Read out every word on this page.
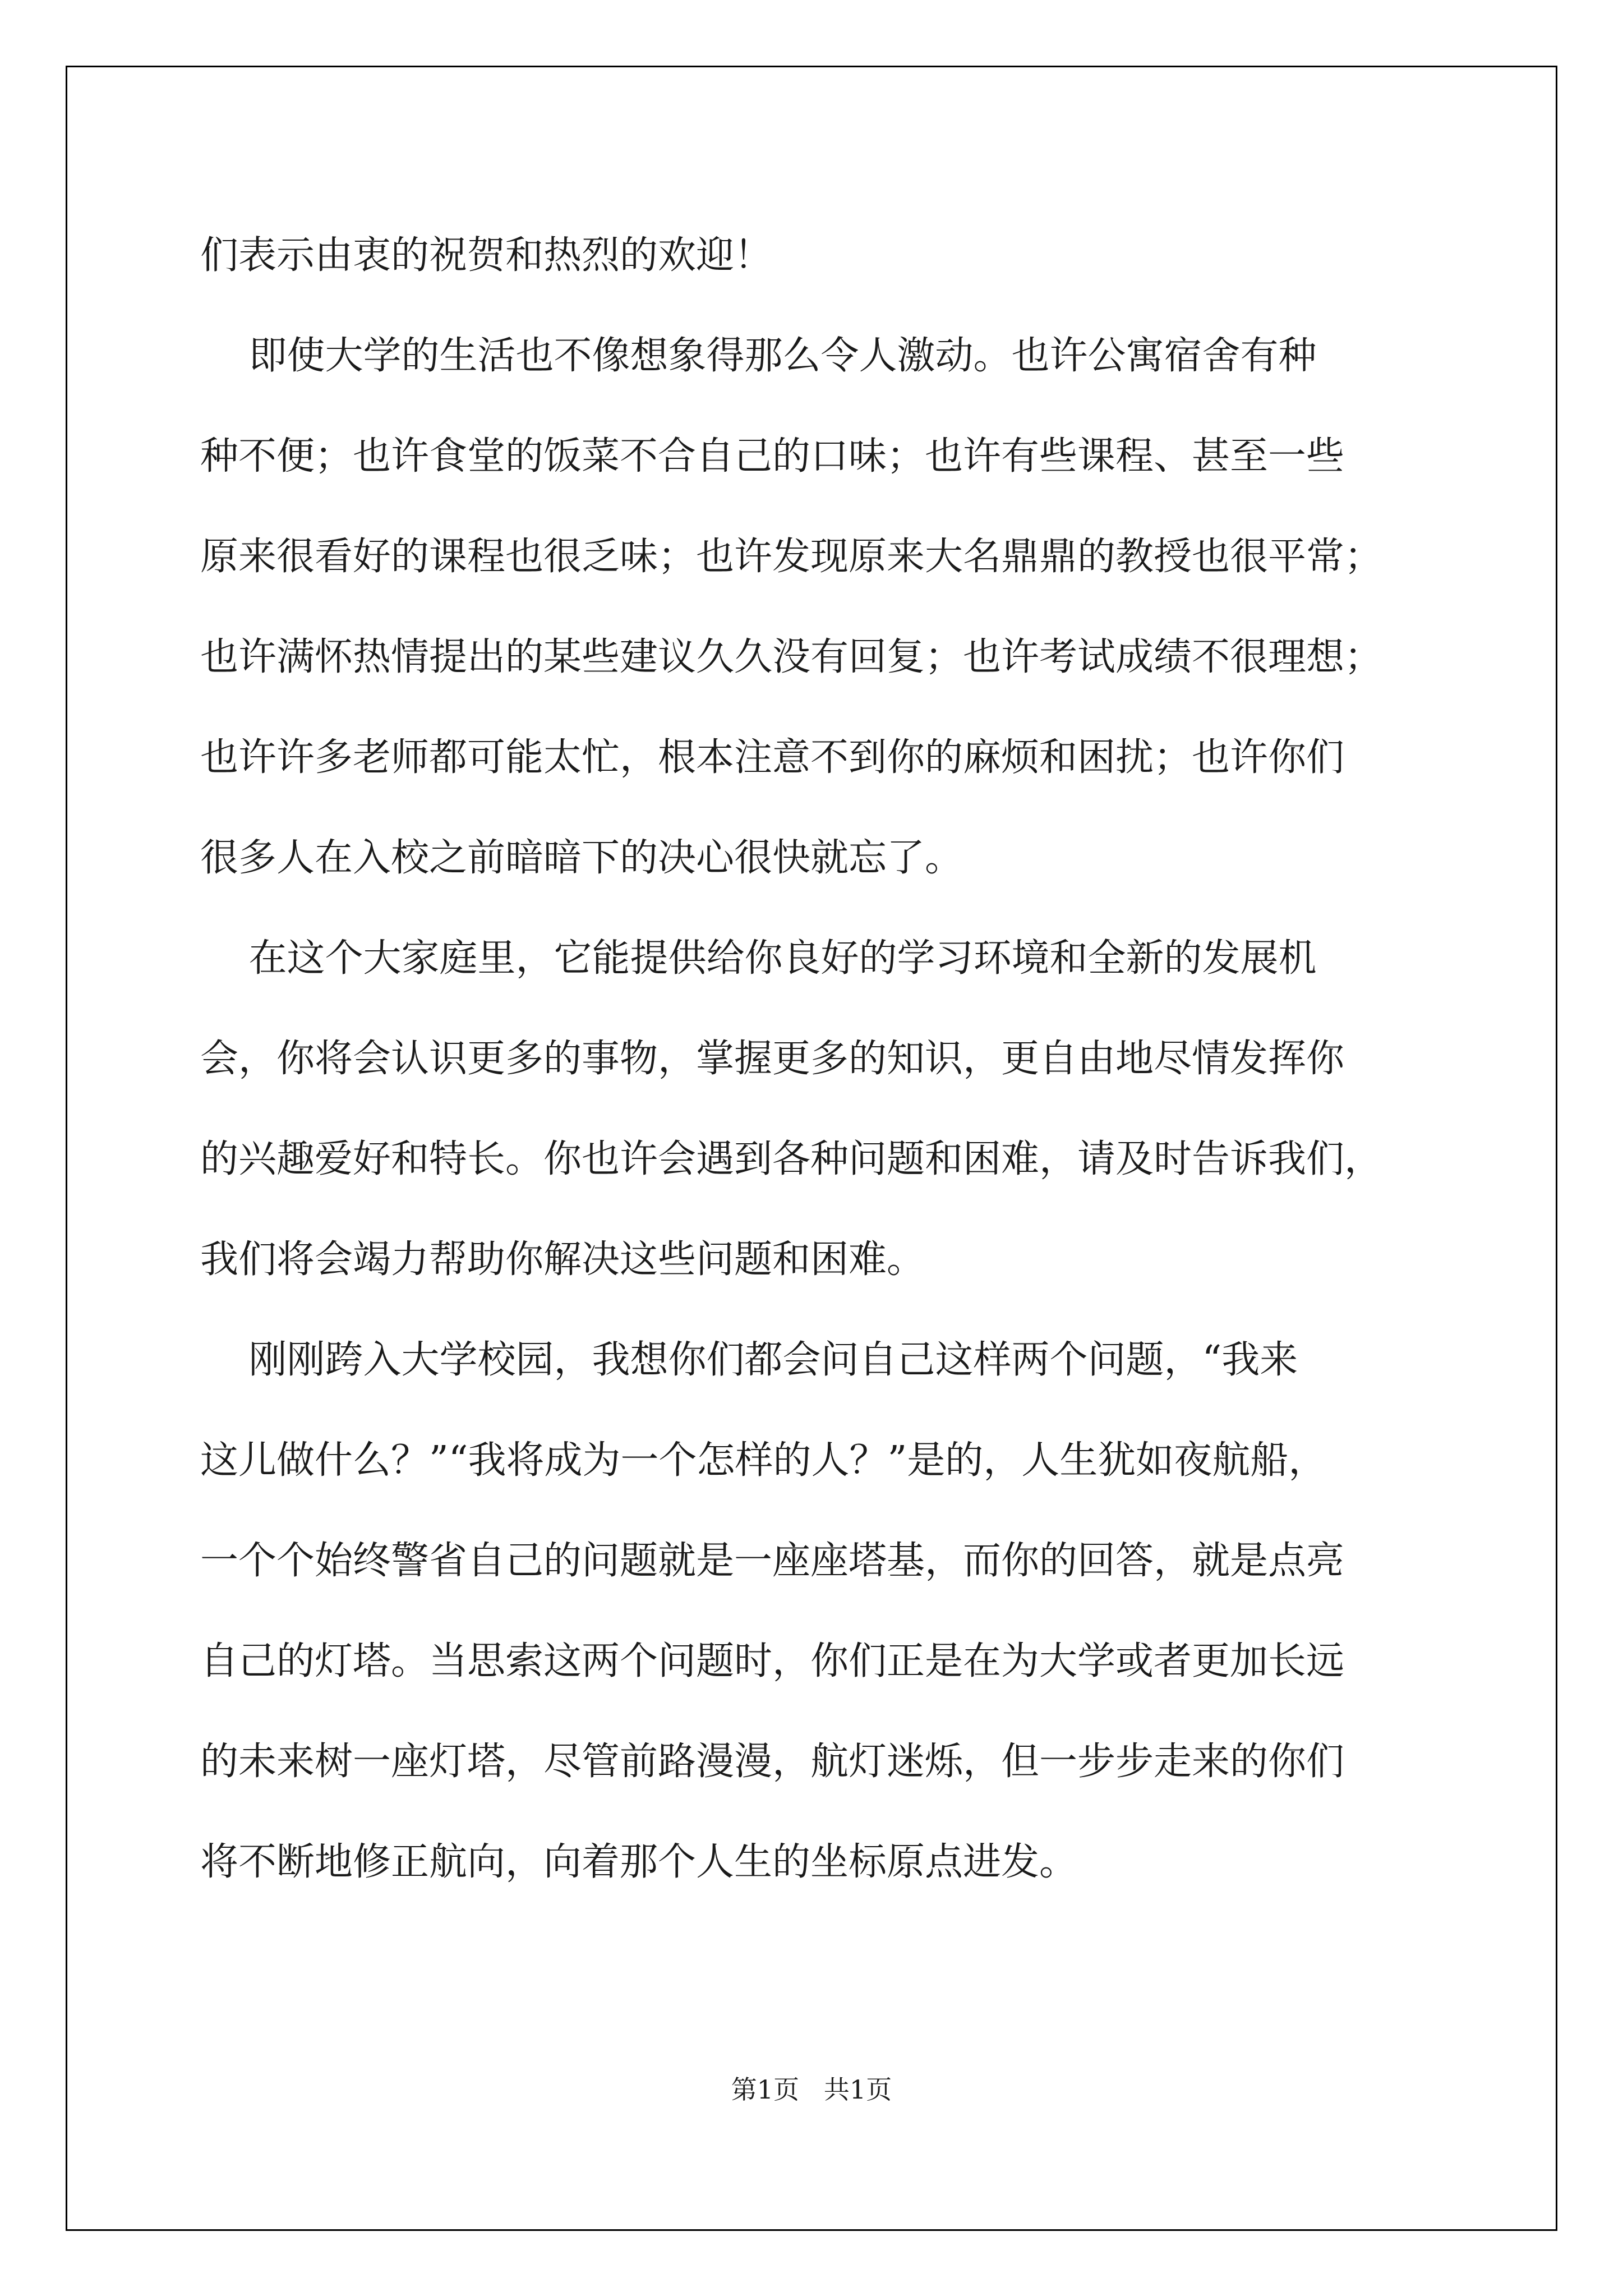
们表示由衷的祝贺和热烈的欢迎！

即使大学的生活也不像想象得那么令人激动。也许公寓宿舍有种

种不便；也许食堂的饭菜不合自己的口味；也许有些课程、甚至一些

原来很看好的课程也很乏味；也许发现原来大名鼎鼎的教授也很平常；

也许满怀热情提出的某些建议久久没有回复；也许考试成绩不很理想；

也许许多老师都可能太忙，根本注意不到你的麻烦和困扰；也许你们

很多人在入校之前暗暗下的决心很快就忘了。

在这个大家庭里，它能提供给你良好的学习环境和全新的发展机

会，你将会认识更多的事物，掌握更多的知识，更自由地尽情发挥你

的兴趣爱好和特长。你也许会遇到各种问题和困难，请及时告诉我们，

我们将会竭力帮助你解决这些问题和困难。

刚刚跨入大学校园，我想你们都会问自己这样两个问题，“我来

这儿做什么？”“我将成为一个怎样的人？”是的，人生犹如夜航船，

一个个始终警省自己的问题就是一座座塔基，而你的回答，就是点亮

自己的灯塔。当思索这两个问题时，你们正是在为大学或者更加长远

的未来树一座灯塔，尽管前路漫漫，航灯迷烁，但一步步走来的你们

将不断地修正航向，向着那个人生的坐标原点进发。

第1页   共1页
